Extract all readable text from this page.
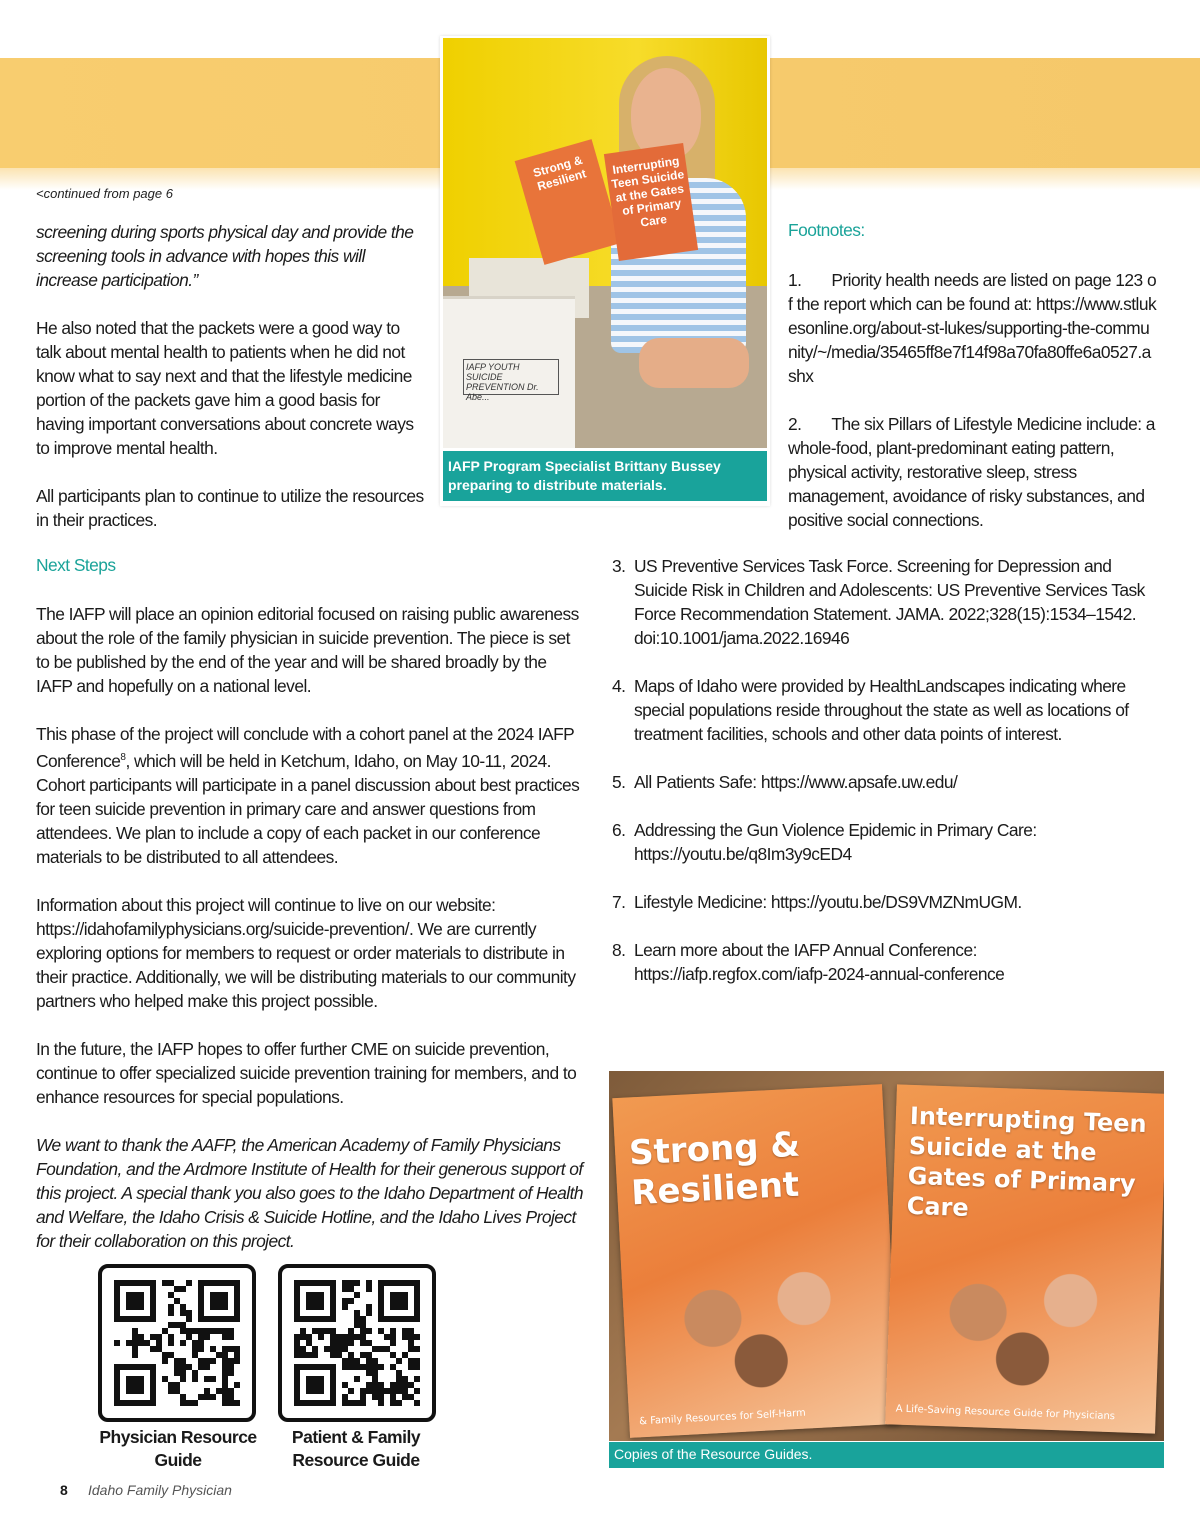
IAFP YOUTH SUICIDE PREVENTION Dr. Abe...
Strong & Resilient
Interrupting Teen Suicide at the Gates of Primary Care
IAFP Program Specialist Brittany Bussey preparing to distribute materials.
<continued from page 6

screening during sports physical day and provide the screening tools in advance with hopes this will increase participation.”

He also noted that the packets were a good way to talk about mental health to patients when he did not know what to say next and that the lifestyle medicine portion of the packets gave him a good basis for having important conversations about concrete ways to improve mental health.

All participants plan to continue to utilize the resources in their practices.

Footnotes:

1. Priority health needs are listed on page 123 of the report which can be found at: https://www.stlukesonline.org/about-st-lukes/supporting-the-community/~/media/35465ff8e7f14f98a70fa80ffe6a0527.ashx

2. The six Pillars of Lifestyle Medicine include: a whole-food, plant-predominant eating pattern, physical activity, restorative sleep, stress management, avoidance of risky substances, and positive social connections.

Next Steps

The IAFP will place an opinion editorial focused on raising public awareness about the role of the family physician in suicide prevention. The piece is set to be published by the end of the year and will be shared broadly by the IAFP and hopefully on a national level.

This phase of the project will conclude with a cohort panel at the 2024 IAFP Conference$^8$, which will be held in Ketchum, Idaho, on May 10-11, 2024. Cohort participants will participate in a panel discussion about best practices for teen suicide prevention in primary care and answer questions from attendees. We plan to include a copy of each packet in our conference materials to be distributed to all attendees.

Information about this project will continue to live on our website: https://idahofamilyphysicians.org/suicide-prevention/. We are currently exploring options for members to request or order materials to distribute in their practice. Additionally, we will be distributing materials to our community partners who helped make this project possible.

In the future, the IAFP hopes to offer further CME on suicide prevention, continue to offer specialized suicide prevention training for members, and to enhance resources for special populations.

We want to thank the AAFP, the American Academy of Family Physicians Foundation, and the Ardmore Institute of Health for their generous support of this project. A special thank you also goes to the Idaho Department of Health and Welfare, the Idaho Crisis & Suicide Hotline, and the Idaho Lives Project for their collaboration on this project.

3. US Preventive Services Task Force. Screening for Depression and Suicide Risk in Children and Adolescents: US Preventive Services Task Force Recommendation Statement. JAMA. 2022;328(15):1534–1542. doi:10.1001/jama.2022.16946
4. Maps of Idaho were provided by HealthLandscapes indicating where special populations reside throughout the state as well as locations of treatment facilities, schools and other data points of interest.
5. All Patients Safe: https://www.apsafe.uw.edu/
6. Addressing the Gun Violence Epidemic in Primary Care: https://youtu.be/q8Im3y9cED4
7. Lifestyle Medicine: https://youtu.be/DS9VMZNmUGM.
8. Learn more about the IAFP Annual Conference: https://iafp.regfox.com/iafp-2024-annual-conference
Strong & Resilient
& Family Resources for Self-Harm
Interrupting Teen Suicide at the Gates of Primary Care
A Life-Saving Resource Guide for Physicians
Copies of the Resource Guides.
Physician Resource
Guide
Patient & Family
Resource Guide
8 Idaho Family Physician
